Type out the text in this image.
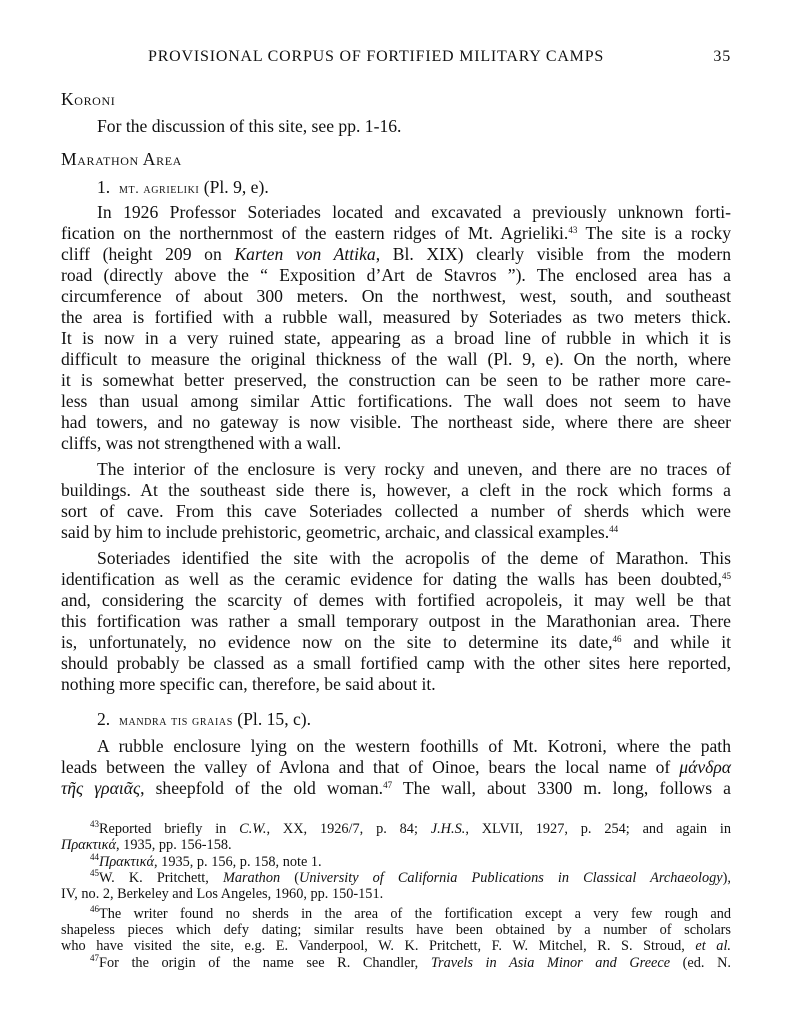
PROVISIONAL CORPUS OF FORTIFIED MILITARY CAMPS	35
Koroni
For the discussion of this site, see pp. 1-16.
Marathon Area
1. mt. agrieliki (Pl. 9, e).
In 1926 Professor Soteriades located and excavated a previously unknown forti-
fication on the northernmost of the eastern ridges of Mt. Agrieliki.$^{43}$ The site is a rocky
cliff (height 209 on Karten von Attika, Bl. XIX) clearly visible from the modern
road (directly above the “ Exposition d’Art de Stavros ”). The enclosed area has a
circumference of about 300 meters. On the northwest, west, south, and southeast
the area is fortified with a rubble wall, measured by Soteriades as two meters thick.
It is now in a very ruined state, appearing as a broad line of rubble in which it is
difficult to measure the original thickness of the wall (Pl. 9, e). On the north, where
it is somewhat better preserved, the construction can be seen to be rather more care-
less than usual among similar Attic fortifications. The wall does not seem to have
had towers, and no gateway is now visible. The northeast side, where there are sheer
cliffs, was not strengthened with a wall.
The interior of the enclosure is very rocky and uneven, and there are no traces of
buildings. At the southeast side there is, however, a cleft in the rock which forms a
sort of cave. From this cave Soteriades collected a number of sherds which were
said by him to include prehistoric, geometric, archaic, and classical examples.$^{44}$
Soteriades identified the site with the acropolis of the deme of Marathon. This
identification as well as the ceramic evidence for dating the walls has been doubted,$^{45}$
and, considering the scarcity of demes with fortified acropoleis, it may well be that
this fortification was rather a small temporary outpost in the Marathonian area. There
is, unfortunately, no evidence now on the site to determine its date,$^{46}$ and while it
should probably be classed as a small fortified camp with the other sites here reported,
nothing more specific can, therefore, be said about it.
2. mandra tis graias (Pl. 15, c).
A rubble enclosure lying on the western foothills of Mt. Kotroni, where the path
leads between the valley of Avlona and that of Oinoe, bears the local name of μάνδρα
τῆς γραιᾶς, sheepfold of the old woman.$^{47}$ The wall, about 3300 m. long, follows a
$^{43}$Reported briefly in C.W., XX, 1926/7, p. 84; J.H.S., XLVII, 1927, p. 254; and again in
Πρακτικά, 1935, pp. 156-158.
$^{44}$Πρακτικά, 1935, p. 156, p. 158, note 1.
$^{45}$W. K. Pritchett, Marathon (University of California Publications in Classical Archaeology),
IV, no. 2, Berkeley and Los Angeles, 1960, pp. 150-151.
$^{46}$The writer found no sherds in the area of the fortification except a very few rough and
shapeless pieces which defy dating; similar results have been obtained by a number of scholars
who have visited the site, e.g. E. Vanderpool, W. K. Pritchett, F. W. Mitchel, R. S. Stroud, et al.
$^{47}$For the origin of the name see R. Chandler, Travels in Asia Minor and Greece (ed. N.
